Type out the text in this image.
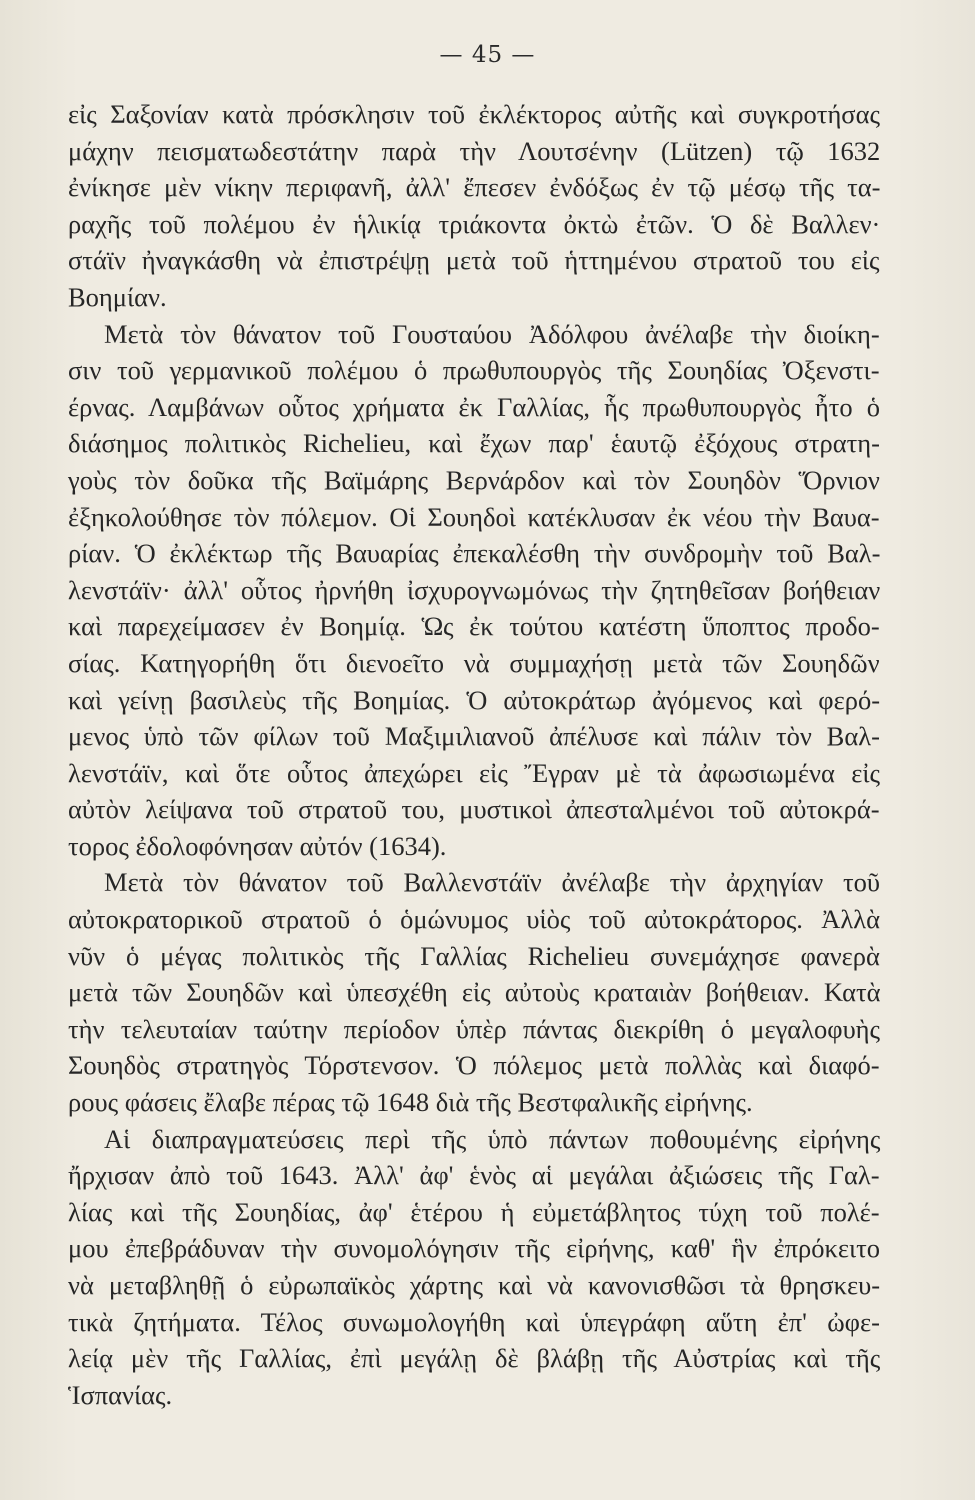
— 45 —
εἰς Σαξονίαν κατὰ πρόσκλησιν τοῦ ἐκλέκτορος αὐτῆς καὶ συγκροτήσας
μάχην πεισματωδεστάτην παρὰ τὴν Λουτσένην (Lützen) τῷ 1632
ἐνίκησε μὲν νίκην περιφανῆ, ἀλλ' ἔπεσεν ἐνδόξως ἐν τῷ μέσῳ τῆς τα-
ραχῆς τοῦ πολέμου ἐν ἡλικίᾳ τριάκοντα ὀκτὼ ἐτῶν. Ὁ δὲ Βαλλεν·
στάϊν ἠναγκάσθη νὰ ἐπιστρέψῃ μετὰ τοῦ ἡττημένου στρατοῦ του εἰς
Βοημίαν.
Μετὰ τὸν θάνατον τοῦ Γουσταύου Ἀδόλφου ἀνέλαβε τὴν διοίκη-
σιν τοῦ γερμανικοῦ πολέμου ὁ πρωθυπουργὸς τῆς Σουηδίας Ὀξενστι-
έρνας. Λαμβάνων οὗτος χρήματα ἐκ Γαλλίας, ἧς πρωθυπουργὸς ἦτο ὁ
διάσημος πολιτικὸς Richelieu, καὶ ἔχων παρ' ἑαυτῷ ἐξόχους στρατη-
γοὺς τὸν δοῦκα τῆς Βαϊμάρης Βερνάρδον καὶ τὸν Σουηδὸν Ὅρνιον
ἐξηκολούθησε τὸν πόλεμον. Οἱ Σουηδοὶ κατέκλυσαν ἐκ νέου τὴν Βαυα-
ρίαν. Ὁ ἐκλέκτωρ τῆς Βαυαρίας ἐπεκαλέσθη τὴν συνδρομὴν τοῦ Βαλ-
λενστάϊν· ἀλλ' οὗτος ἠρνήθη ἰσχυρογνωμόνως τὴν ζητηθεῖσαν βοήθειαν
καὶ παρεχείμασεν ἐν Βοημίᾳ. Ὡς ἐκ τούτου κατέστη ὕποπτος προδο-
σίας. Κατηγορήθη ὅτι διενοεῖτο νὰ συμμαχήσῃ μετὰ τῶν Σουηδῶν
καὶ γείνῃ βασιλεὺς τῆς Βοημίας. Ὁ αὐτοκράτωρ ἀγόμενος καὶ φερό-
μενος ὑπὸ τῶν φίλων τοῦ Μαξιμιλιανοῦ ἀπέλυσε καὶ πάλιν τὸν Βαλ-
λενστάϊν, καὶ ὅτε οὗτος ἀπεχώρει εἰς Ἔγραν μὲ τὰ ἀφωσιωμένα εἰς
αὐτὸν λείψανα τοῦ στρατοῦ του, μυστικοὶ ἀπεσταλμένοι τοῦ αὐτοκρά-
τορος ἐδολοφόνησαν αὐτόν (1634).
Μετὰ τὸν θάνατον τοῦ Βαλλενστάϊν ἀνέλαβε τὴν ἀρχηγίαν τοῦ
αὐτοκρατορικοῦ στρατοῦ ὁ ὁμώνυμος υἱὸς τοῦ αὐτοκράτορος. Ἀλλὰ
νῦν ὁ μέγας πολιτικὸς τῆς Γαλλίας Richelieu συνεμάχησε φανερὰ
μετὰ τῶν Σουηδῶν καὶ ὑπεσχέθη εἰς αὐτοὺς κραταιὰν βοήθειαν. Κατὰ
τὴν τελευταίαν ταύτην περίοδον ὑπὲρ πάντας διεκρίθη ὁ μεγαλοφυὴς
Σουηδὸς στρατηγὸς Τόρστενσον. Ὁ πόλεμος μετὰ πολλὰς καὶ διαφό-
ρους φάσεις ἔλαβε πέρας τῷ 1648 διὰ τῆς Βεστφαλικῆς εἰρήνης.
Αἱ διαπραγματεύσεις περὶ τῆς ὑπὸ πάντων ποθουμένης εἰρήνης
ἤρχισαν ἀπὸ τοῦ 1643. Ἀλλ' ἀφ' ἑνὸς αἱ μεγάλαι ἀξιώσεις τῆς Γαλ-
λίας καὶ τῆς Σουηδίας, ἀφ' ἑτέρου ἡ εὐμετάβλητος τύχη τοῦ πολέ-
μου ἐπεβράδυναν τὴν συνομολόγησιν τῆς εἰρήνης, καθ' ἣν ἐπρόκειτο
νὰ μεταβληθῇ ὁ εὐρωπαϊκὸς χάρτης καὶ νὰ κανονισθῶσι τὰ θρησκευ-
τικὰ ζητήματα. Τέλος συνωμολογήθη καὶ ὑπεγράφη αὕτη ἐπ' ὠφε-
λείᾳ μὲν τῆς Γαλλίας, ἐπὶ μεγάλῃ δὲ βλάβῃ τῆς Αὐστρίας καὶ τῆς
Ἱσπανίας.
